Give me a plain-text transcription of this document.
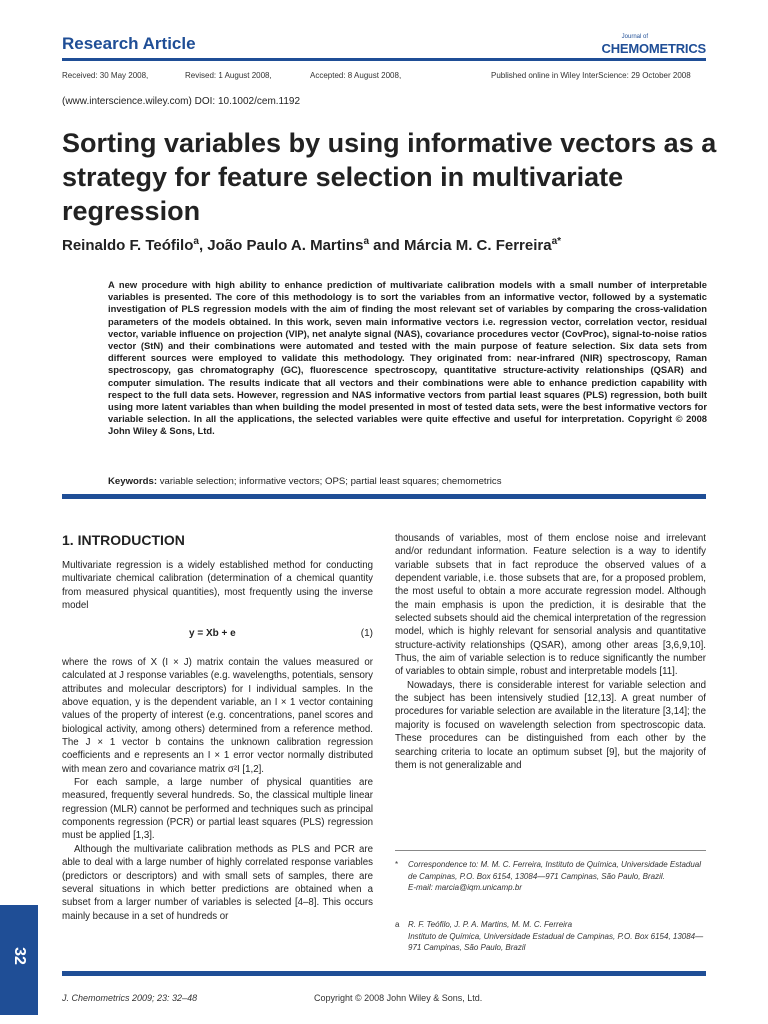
Research Article	Journal of
CHEMOMETRICS
Received: 30 May 2008,	Revised: 1 August 2008,	Accepted: 8 August 2008,	Published online in Wiley InterScience: 29 October 2008
(www.interscience.wiley.com) DOI: 10.1002/cem.1192
Sorting variables by using informative vectors as a strategy for feature selection in multivariate regression
Reinaldo F. Teófilo$^a$, João Paulo A. Martins$^a$ and Márcia M. C. Ferreira$^{a*}$
A new procedure with high ability to enhance prediction of multivariate calibration models with a small number of interpretable variables is presented. The core of this methodology is to sort the variables from an informative vector, followed by a systematic investigation of PLS regression models with the aim of finding the most relevant set of variables by comparing the cross-validation parameters of the models obtained. In this work, seven main informative vectors i.e. regression vector, correlation vector, residual vector, variable influence on projection (VIP), net analyte signal (NAS), covariance procedures vector (CovProc), signal-to-noise ratios vector (StN) and their combinations were automated and tested with the main purpose of feature selection. Six data sets from different sources were employed to validate this methodology. They originated from: near-infrared (NIR) spectroscopy, Raman spectroscopy, gas chromatography (GC), fluorescence spectroscopy, quantitative structure-activity relationships (QSAR) and computer simulation. The results indicate that all vectors and their combinations were able to enhance prediction capability with respect to the full data sets. However, regression and NAS informative vectors from partial least squares (PLS) regression, both built using more latent variables than when building the model presented in most of tested data sets, were the best informative vectors for variable selection. In all the applications, the selected variables were quite effective and useful for interpretation. Copyright © 2008 John Wiley & Sons, Ltd.
Keywords: variable selection; informative vectors; OPS; partial least squares; chemometrics
1. INTRODUCTION

Multivariate regression is a widely established method for conducting multivariate chemical calibration (determination of a chemical quantity from measured physical quantities), most frequently using the inverse model

y = Xb + e	(1)

where the rows of X (I × J) matrix contain the values measured or calculated at J response variables (e.g. wavelengths, potentials, sensory attributes and molecular descriptors) for I individual samples. In the above equation, y is the dependent variable, an I × 1 vector containing values of the property of interest (e.g. concentrations, panel scores and biological activity, among others) determined from a reference method. The J × 1 vector b contains the unknown calibration regression coefficients and e represents an I × 1 error vector normally distributed with mean zero and covariance matrix σ²I [1,2].

For each sample, a large number of physical quantities are measured, frequently several hundreds. So, the classical multiple linear regression (MLR) cannot be performed and techniques such as principal components regression (PCR) or partial least squares (PLS) regression must be applied [1,3].

Although the multivariate calibration methods as PLS and PCR are able to deal with a large number of highly correlated response variables (predictors or descriptors) and with small sets of samples, there are several situations in which better predictions are obtained when a subset from a larger number of variables is selected [4–8]. This occurs mainly because in a set of hundreds or

thousands of variables, most of them enclose noise and irrelevant and/or redundant information. Feature selection is a way to identify variable subsets that in fact reproduce the observed values of a dependent variable, i.e. those subsets that are, for a proposed problem, the most useful to obtain a more accurate regression model. Although the main emphasis is upon the prediction, it is desirable that the selected subsets should aid the chemical interpretation of the regression model, which is highly relevant for sensorial analysis and quantitative structure-activity relationships (QSAR), among other areas [3,6,9,10]. Thus, the aim of variable selection is to reduce significantly the number of variables to obtain simple, robust and interpretable models [11].

Nowadays, there is considerable interest for variable selection and the subject has been intensively studied [12,13]. A great number of procedures for variable selection are available in the literature [3,14]; the majority is focused on wavelength selection from spectroscopic data. These procedures can be distinguished from each other by the searching criteria to locate an optimum subset [9], but the majority of them is not generalizable and

* Correspondence to: M. M. C. Ferreira, Instituto de Química, Universidade Estadual de Campinas, P.O. Box 6154, 13084—971 Campinas, São Paulo, Brazil.
E-mail: marcia@iqm.unicamp.br
a R. F. Teófilo, J. P. A. Martins, M. M. C. Ferreira
Instituto de Química, Universidade Estadual de Campinas, P.O. Box 6154, 13084— 971 Campinas, São Paulo, Brazil
32
J. Chemometrics 2009; 23: 32–48	Copyright © 2008 John Wiley & Sons, Ltd.
